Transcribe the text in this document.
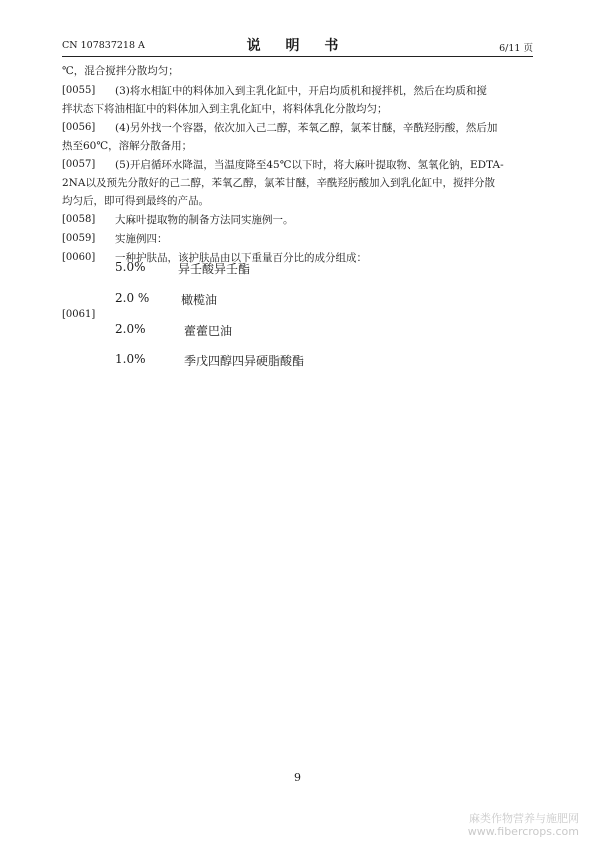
CN 107837218 A	说 明 书	6/11 页
℃，混合搅拌分散均匀；
[0055] (3)将水相缸中的料体加入到主乳化缸中，开启均质机和搅拌机，然后在均质和搅
拌状态下将油相缸中的料体加入到主乳化缸中，将料体乳化分散均匀；
[0056] (4)另外找一个容器，依次加入己二醇，苯氧乙醇，氯苯甘醚，辛酰羟肟酸，然后加
热至60℃，溶解分散备用；
[0057] (5)开启循环水降温，当温度降至45℃以下时，将大麻叶提取物、氢氧化钠，EDTA-
2NA以及预先分散好的己二醇，苯氧乙醇，氯苯甘醚，辛酰羟肟酸加入到乳化缸中，搅拌分散
均匀后，即可得到最终的产品。
[0058] 大麻叶提取物的制备方法同实施例一。
[0059] 实施例四：
[0060] 一种护肤品，该护肤品由以下重量百分比的成分组成：
[0061]
5.0%	异壬酸异壬酯
2.0 %	橄榄油
2.0%	藿藿巴油
1.0%	季戊四醇四异硬脂酸酯
9
麻类作物营养与施肥网
www.fibercrops.com
